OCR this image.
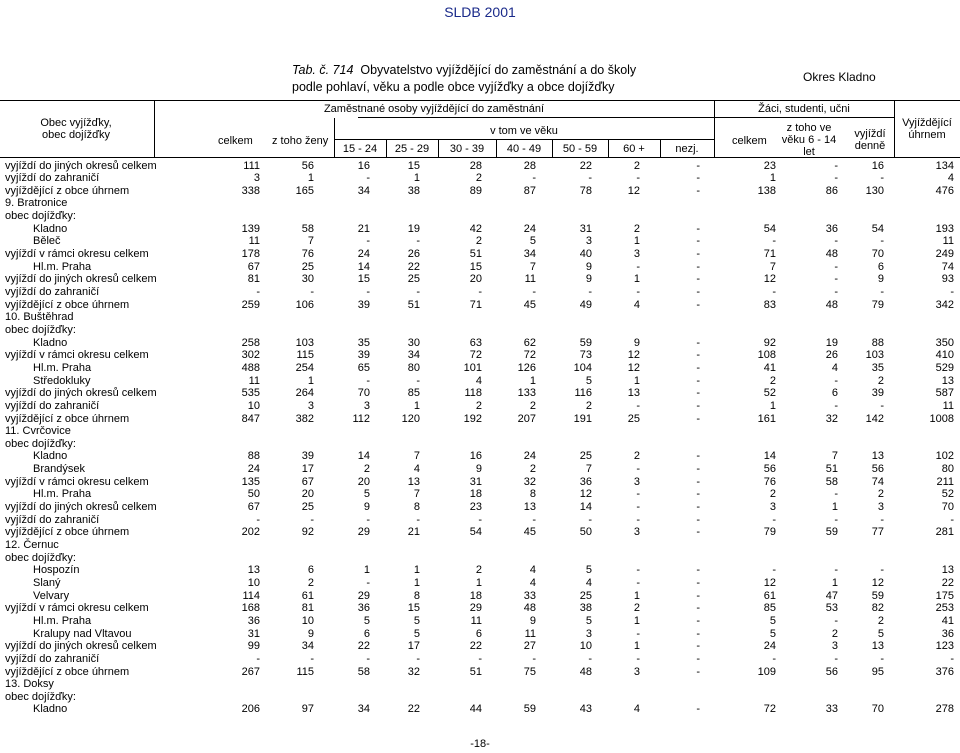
SLDB 2001
Tab. č. 714 Obyvatelstvo vyjíždějící do zaměstnání a do školy
podle pohlaví, věku a podle obce vyjížďky a obce dojížďky
Okres Kladno
Obec vyjížďky,
obec dojížďky
Zaměstnané osoby vyjíždějící do zaměstnání
celkem z toho ženy
v tom ve věku
15 - 24	25 - 29	30 - 39	40 - 49	50 - 59	60 +	nezj.
Žáci, studenti, učni
celkem
z toho ve
věku 6 - 14
let
vyjíždí
denně
Vyjíždějící
úhrnem
vyjíždí do jiných okresů celkem	111	56	16	15	28	28	22	2	-	23	-	16	134
vyjíždí do zahraničí	3	1	-	1	2	-	-	-	-	1	-	-	4
vyjíždějící z obce úhrnem	338	165	34	38	89	87	78	12	-	138	86	130	476
9. Bratronice
obec dojížďky:
Kladno	139	58	21	19	42	24	31	2	-	54	36	54	193
Běleč	11	7	-	-	2	5	3	1	-	-	-	-	11
vyjíždí v rámci okresu celkem	178	76	24	26	51	34	40	3	-	71	48	70	249
Hl.m. Praha	67	25	14	22	15	7	9	-	-	7	-	6	74
vyjíždí do jiných okresů celkem	81	30	15	25	20	11	9	1	-	12	-	9	93
vyjíždí do zahraničí	-	-	-	-	-	-	-	-	-	-	-	-	-
vyjíždějící z obce úhrnem	259	106	39	51	71	45	49	4	-	83	48	79	342
10. Buštěhrad
obec dojížďky:
Kladno	258	103	35	30	63	62	59	9	-	92	19	88	350
vyjíždí v rámci okresu celkem	302	115	39	34	72	72	73	12	-	108	26	103	410
Hl.m. Praha	488	254	65	80	101	126	104	12	-	41	4	35	529
Středokluky	11	1	-	-	4	1	5	1	-	2	-	2	13
vyjíždí do jiných okresů celkem	535	264	70	85	118	133	116	13	-	52	6	39	587
vyjíždí do zahraničí	10	3	3	1	2	2	2	-	-	1	-	-	11
vyjíždějící z obce úhrnem	847	382	112	120	192	207	191	25	-	161	32	142	1008
11. Cvrčovice
obec dojížďky:
Kladno	88	39	14	7	16	24	25	2	-	14	7	13	102
Brandýsek	24	17	2	4	9	2	7	-	-	56	51	56	80
vyjíždí v rámci okresu celkem	135	67	20	13	31	32	36	3	-	76	58	74	211
Hl.m. Praha	50	20	5	7	18	8	12	-	-	2	-	2	52
vyjíždí do jiných okresů celkem	67	25	9	8	23	13	14	-	-	3	1	3	70
vyjíždí do zahraničí	-	-	-	-	-	-	-	-	-	-	-	-	-
vyjíždějící z obce úhrnem	202	92	29	21	54	45	50	3	-	79	59	77	281
12. Černuc
obec dojížďky:
Hospozín	13	6	1	1	2	4	5	-	-	-	-	-	13
Slaný	10	2	-	1	1	4	4	-	-	12	1	12	22
Velvary	114	61	29	8	18	33	25	1	-	61	47	59	175
vyjíždí v rámci okresu celkem	168	81	36	15	29	48	38	2	-	85	53	82	253
Hl.m. Praha	36	10	5	5	11	9	5	1	-	5	-	2	41
Kralupy nad Vltavou	31	9	6	5	6	11	3	-	-	5	2	5	36
vyjíždí do jiných okresů celkem	99	34	22	17	22	27	10	1	-	24	3	13	123
vyjíždí do zahraničí	-	-	-	-	-	-	-	-	-	-	-	-	-
vyjíždějící z obce úhrnem	267	115	58	32	51	75	48	3	-	109	56	95	376
13. Doksy
obec dojížďky:
Kladno	206	97	34	22	44	59	43	4	-	72	33	70	278
-18-
